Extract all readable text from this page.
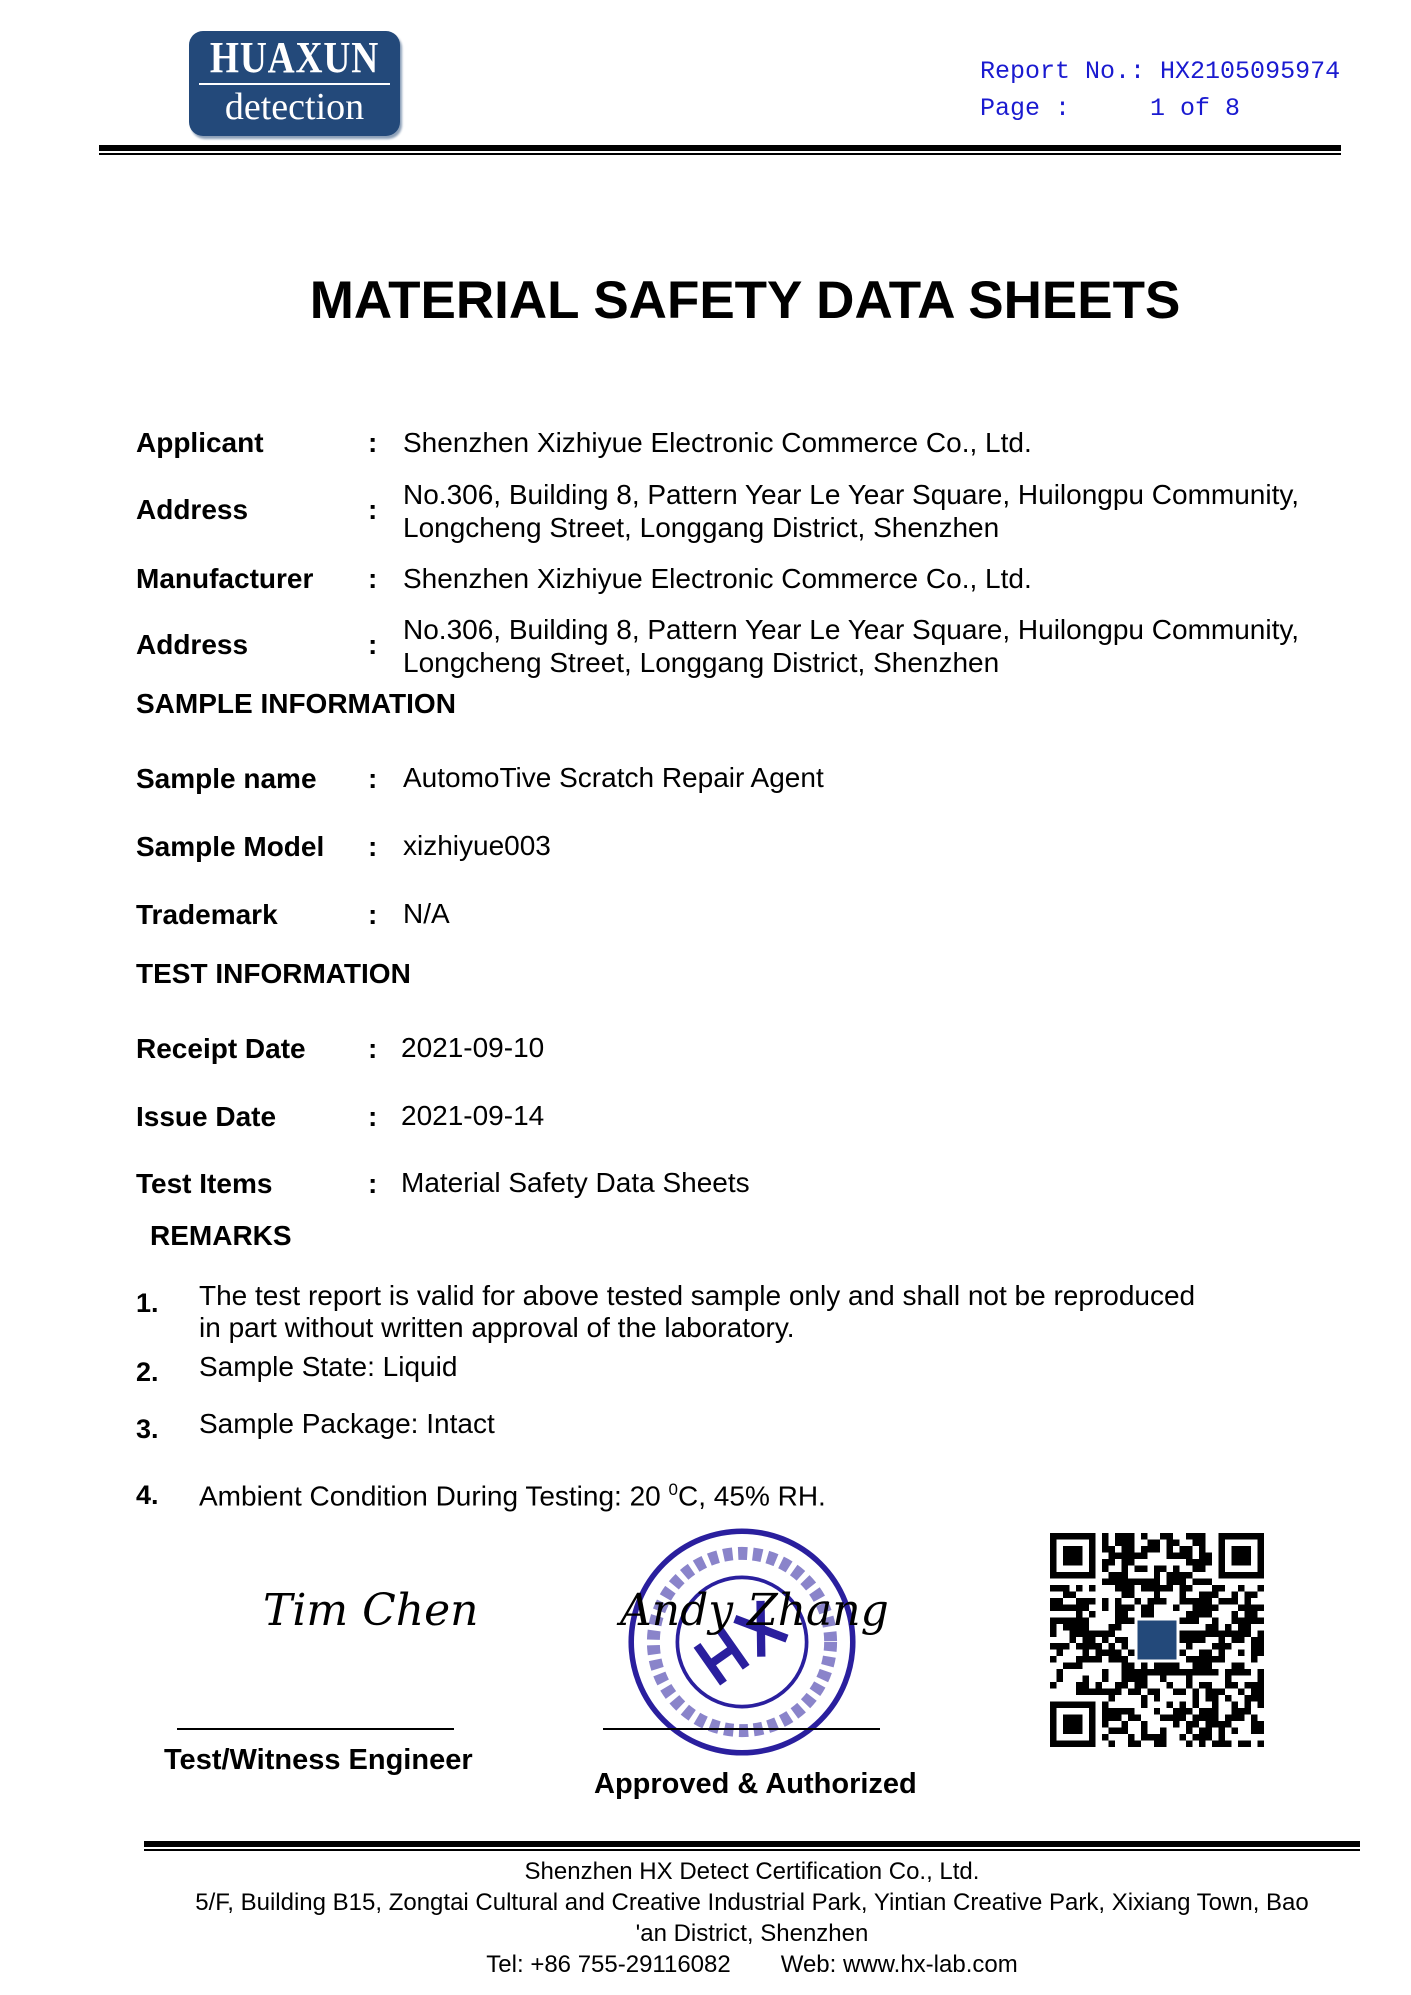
HUAXUN
detection
Report No.: HX2105095974
Page :	1 of 8
MATERIAL SAFETY DATA SHEETS
Applicant	: Shenzhen Xizhiyue Electronic Commerce Co., Ltd.
Address	: No.306, Building 8, Pattern Year Le Year Square, Huilongpu Community,
Longcheng Street, Longgang District, Shenzhen
Manufacturer : Shenzhen Xizhiyue Electronic Commerce Co., Ltd.
Address	: No.306, Building 8, Pattern Year Le Year Square, Huilongpu Community,
Longcheng Street, Longgang District, Shenzhen
SAMPLE INFORMATION
Sample name : AutomoTive Scratch Repair Agent
Sample Model : xizhiyue003
Trademark	: N/A
TEST INFORMATION
Receipt Date : 2021-09-10
Issue Date	: 2021-09-14
Test Items	: Material Safety Data Sheets
REMARKS
1. The test report is valid for above tested sample only and shall not be reproduced
in part without written approval of the laboratory.
2. Sample State: Liquid
3. Sample Package: Intact
4. Ambient Condition During Testing: 20 $^0$C, 45% RH.
Tim Chen
Test/Witness Engineer
Andy Zhang
Approved & Authorized
Shenzhen HX Detect Certification Co., Ltd.
5/F, Building B15, Zongtai Cultural and Creative Industrial Park, Yintian Creative Park, Xixiang Town, Bao
'an District, Shenzhen
Tel: +86 755-29116082 Web: www.hx-lab.com
